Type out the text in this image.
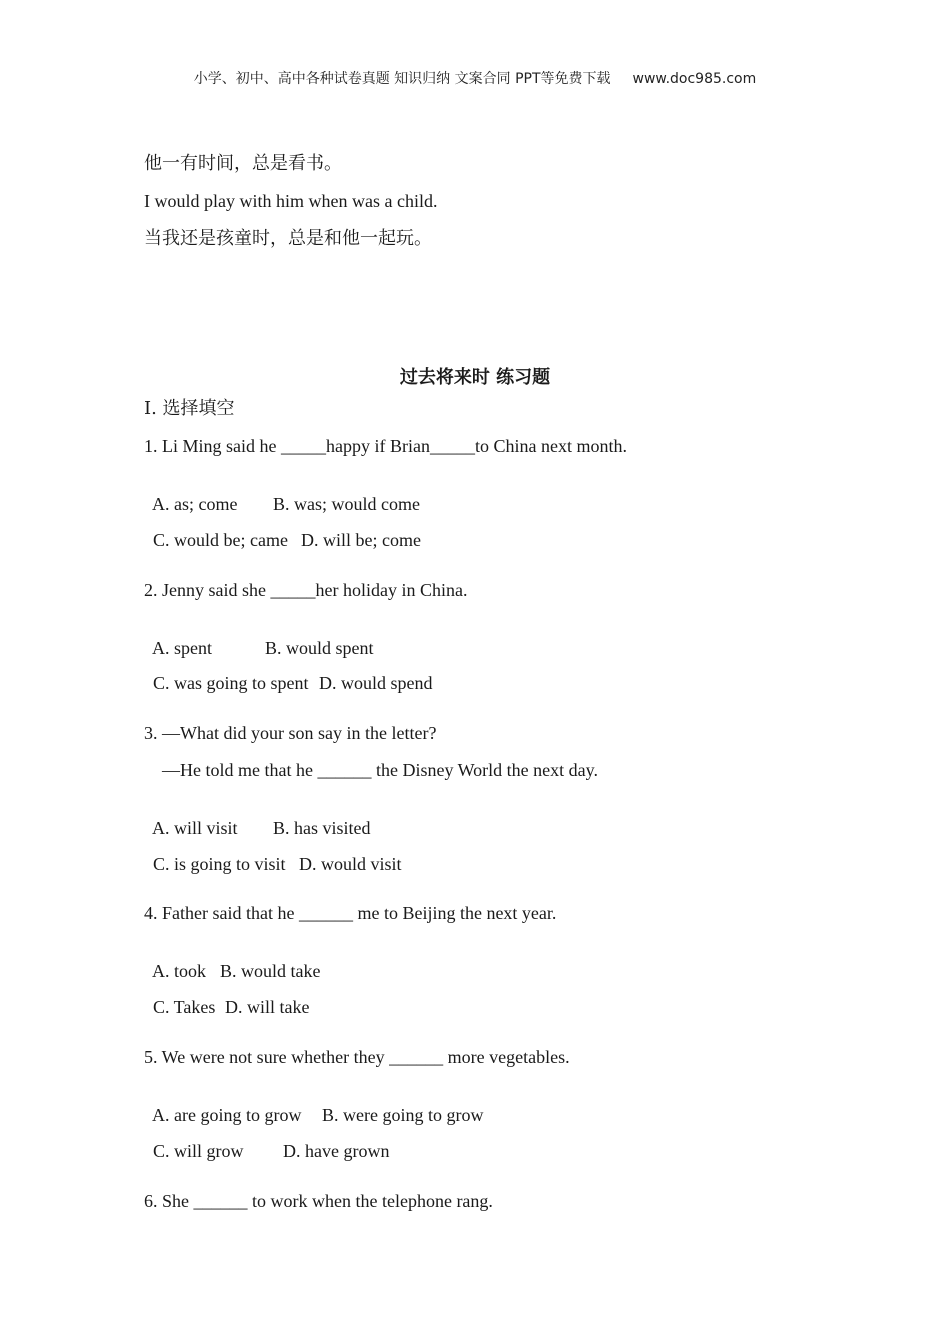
小学、初中、高中各种试卷真题 知识归纳 文案合同 PPT等免费下载 www.doc985.com
他一有时间，总是看书。
I would play with him when was a child.
当我还是孩童时，总是和他一起玩。
过去将来时 练习题
I. 选择填空
1. Li Ming said he _____happy if Brian_____to China next month.

A. as; come B. was; would come

C. would be; came D. will be; come

2. Jenny said she _____her holiday in China.

A. spent	B. would spent

C. was going to spent D. would spend

3. —What did your son say in the letter?
—He told me that he ______ the Disney World the next day.

A. will visit B. has visited

C. is going to visit D. would visit

4. Father said that he ______ me to Beijing the next year.

A. took B. would take

C. Takes D. will take

5. We were not sure whether they ______ more vegetables.

A. are going to grow B. were going to grow

C. will grow D. have grown

6. She ______ to work when the telephone rang.
